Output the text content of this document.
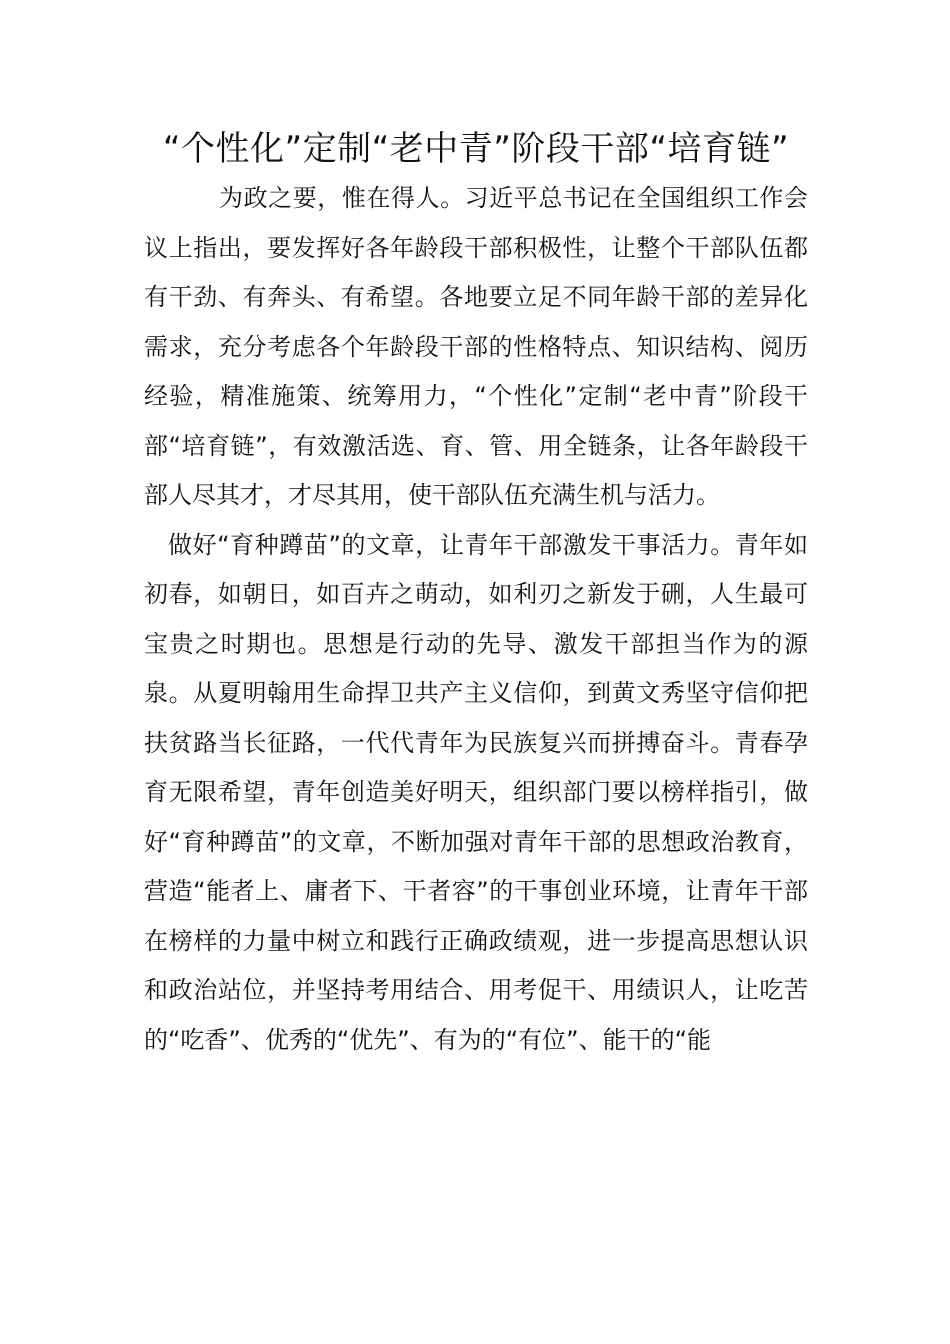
“个性化”定制“老中青”阶段干部“培育链”

为政之要，惟在得人。习近平总书记在全国组织工作会议上指出，要发挥好各年龄段干部积极性，让整个干部队伍都有干劲、有奔头、有希望。各地要立足不同年龄干部的差异化需求，充分考虑各个年龄段干部的性格特点、知识结构、阅历经验，精准施策、统筹用力，“个性化”定制“老中青”阶段干部“培育链”，有效激活选、育、管、用全链条，让各年龄段干部人尽其才，才尽其用，使干部队伍充满生机与活力。

做好“育种蹲苗”的文章，让青年干部激发干事活力。青年如初春，如朝日，如百卉之萌动，如利刃之新发于硎，人生最可宝贵之时期也。思想是行动的先导、激发干部担当作为的源泉。从夏明翰用生命捍卫共产主义信仰，到黄文秀坚守信仰把扶贫路当长征路，一代代青年为民族复兴而拼搏奋斗。青春孕育无限希望，青年创造美好明天，组织部门要以榜样指引，做好“育种蹲苗”的文章，不断加强对青年干部的思想政治教育，营造“能者上、庸者下、干者容”的干事创业环境，让青年干部在榜样的力量中树立和践行正确政绩观，进一步提高思想认识和政治站位，并坚持考用结合、用考促干、用绩识人，让吃苦的“吃香”、优秀的“优先”、有为的“有位”、能干的“能
